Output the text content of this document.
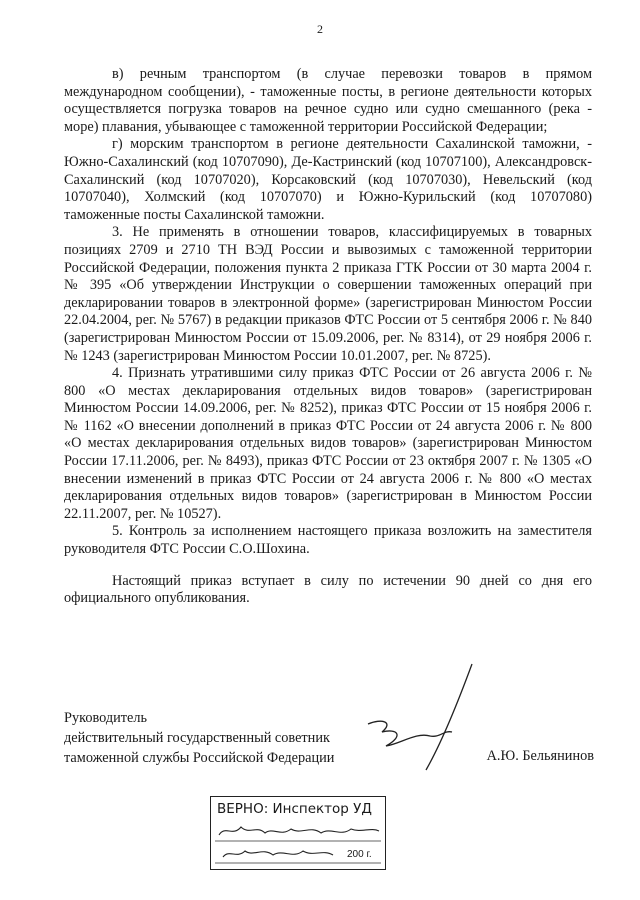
2

в) речным транспортом (в случае перевозки товаров в прямом международном сообщении), - таможенные посты, в регионе деятельности которых осуществляется погрузка товаров на речное судно или судно смешанного (река - море) плавания, убывающее с таможенной территории Российской Федерации;

г) морским транспортом в регионе деятельности Сахалинской таможни, - Южно-Сахалинский (код 10707090), Де-Кастринский (код 10707100), Александровск-Сахалинский (код 10707020), Корсаковский (код 10707030), Невельский (код 10707040), Холмский (код 10707070) и Южно-Курильский (код 10707080) таможенные посты Сахалинской таможни.

3. Не применять в отношении товаров, классифицируемых в товарных позициях 2709 и 2710 ТН ВЭД России и вывозимых с таможенной территории Российской Федерации, положения пункта 2 приказа ГТК России от 30 марта 2004 г. № 395 «Об утверждении Инструкции о совершении таможенных операций при декларировании товаров в электронной форме» (зарегистрирован Минюстом России 22.04.2004, рег. № 5767) в редакции приказов ФТС России от 5 сентября 2006 г. № 840 (зарегистрирован Минюстом России от 15.09.2006, рег. № 8314), от 29 ноября 2006 г. № 1243 (зарегистрирован Минюстом России 10.01.2007, рег. № 8725).

4. Признать утратившими силу приказ ФТС России от 26 августа 2006 г. № 800 «О местах декларирования отдельных видов товаров» (зарегистрирован Минюстом России 14.09.2006, рег. № 8252), приказ ФТС России от 15 ноября 2006 г. № 1162 «О внесении дополнений в приказ ФТС России от 24 августа 2006 г. № 800 «О местах декларирования отдельных видов товаров» (зарегистрирован Минюстом России 17.11.2006, рег. № 8493), приказ ФТС России от 23 октября 2007 г. № 1305 «О внесении изменений в приказ ФТС России от 24 августа 2006 г. № 800 «О местах декларирования отдельных видов товаров» (зарегистрирован в Минюстом России 22.11.2007, рег. № 10527).

5. Контроль за исполнением настоящего приказа возложить на заместителя руководителя ФТС России С.О.Шохина.

Настоящий приказ вступает в силу по истечении 90 дней со дня его официального опубликования.

Руководитель
действительный государственный советник
таможенной службы Российской Федерации	А.Ю. Бельянинов
ВЕРНО: Инспектор УД
200 г.
